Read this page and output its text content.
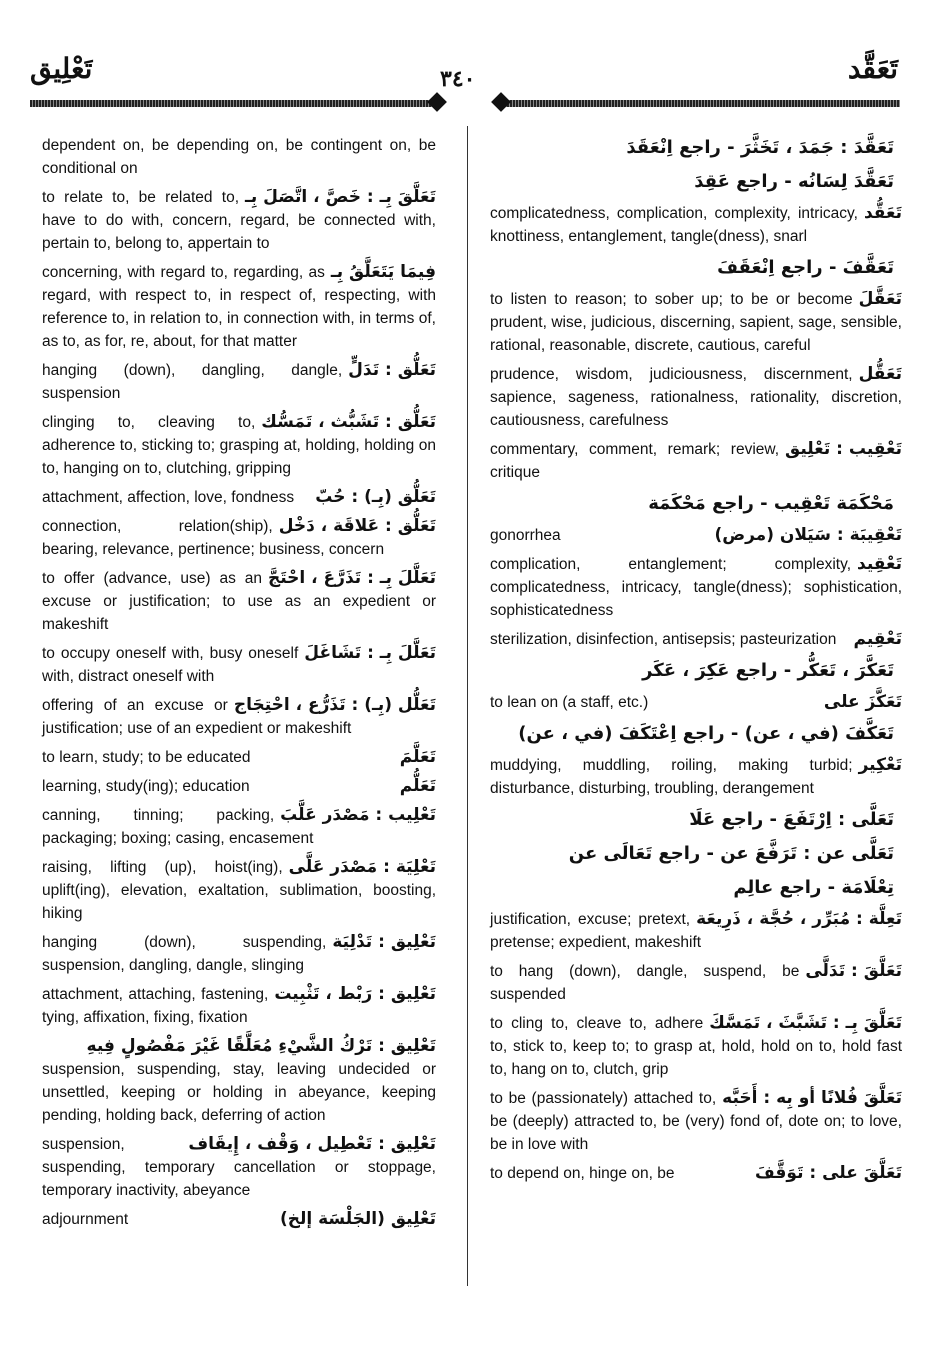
تَعْلِيق	٣٤٠	تَعَقَّد
dependent on, be depending on, be contingent on, be conditional on
تَعَلَّقَ بِـ : خَصَّ ، اتَّصَلَ بِـ
to relate to, be related to, have to do with, concern, regard, be connected with, pertain to, belong to, appertain to
فِيمَا يَتَعَلَّقُ بِـ
concerning, with regard to, regarding, as regard, with respect to, in respect of, respecting, with reference to, in relation to, in connection with, in terms of, as to, as for, re, about, for that matter
تَعَلُّق : تَدَلٍّ
hanging (down), dangling, dangle, suspension
تَعَلُّق : تَشَبُّث ، تَمَسُّك
clinging to, cleaving to, adherence to, sticking to; grasping at, holding, holding on to, hanging on to, clutching, gripping
تَعَلُّق (بِـ) : حُبّ
attachment, affection, love, fondness
تَعَلُّق : عَلاقَة ، دَخْل
connection, relation(ship), bearing, relevance, pertinence; business, concern
تَعَلَّلَ بِـ : تَذَرَّعَ ، احْتَجَّ
to offer (advance, use) as an excuse or justification; to use as an expedient or makeshift
تَعَلَّلَ بِـ : تَشَاغَلَ
to occupy oneself with, busy oneself with, distract oneself with
تَعَلُّل (بِـ) : تَذَرُّع ، احْتِجَاج
offering of an excuse or justification; use of an expedient or makeshift
تَعَلَّمَ
to learn, study; to be educated
تَعَلُّم
learning, study(ing); education
تَعْلِيب : مَصْدَر عَلَّبَ
canning, tinning; packing, packaging; boxing; casing, encasement
تَعْلِيَة : مَصْدَر عَلَّى
raising, lifting (up), hoist(ing), uplift(ing), elevation, exaltation, sublimation, boosting, hiking
تَعْلِيق : تَدْلِيَة
hanging (down), suspending, suspension, dangling, dangle, slinging
تَعْلِيق : رَبْط ، تَثْبِيت
attachment, attaching, fastening, tying, affixation, fixing, fixation
تَعْلِيق : تَرْكُ الشَّيْءِ مُعَلَّقًا غَيْرَ مَفْصُولٍ فِيهِ
suspension, suspending, stay, leaving undecided or unsettled, keeping or holding in abeyance, keeping pending, holding back, deferring of action
تَعْلِيق : تَعْطِيل ، وَقْف ، إِيقَاف
suspension, suspending, temporary cancellation or stoppage, temporary inactivity, abeyance
تَعْلِيق (الجَلْسَة إلخ)
adjournment
تَعَقَّدَ : جَمَدَ ، تَخَثَّرَ - راجع اِنْعَقَدَ
تَعَقَّدَ لِسَانُه - راجع عَقِدَ
تَعَقُّد
complicatedness, complication, complexity, intricacy, knottiness, entanglement, tangle(dness), snarl
تَعَقَّفَ - راجع اِنْعَقَفَ
تَعَقَّلَ
to listen to reason; to sober up; to be or become prudent, wise, judicious, discerning, sapient, sage, sensible, rational, reasonable, discrete, cautious, careful
تَعَقُّل
prudence, wisdom, judiciousness, discernment, sapience, sageness, rationalness, rationality, discretion, cautiousness, carefulness
تَعْقِيب : تَعْلِيق
commentary, comment, remark; review, critique
مَحْكَمَة تَعْقِيب - راجع مَحْكَمَة
تَعْقِيبَة : سَيَلان (مرض)
gonorrhea
تَعْقِيد
complication, entanglement; complexity, complicatedness, intricacy, tangle(dness); sophistication, sophisticatedness
تَعْقِيم
sterilization, disinfection, antisepsis; pasteurization
تَعَكَّرَ ، تَعَكُّر - راجع عَكِرَ ، عَكَر
تَعَكَّزَ على
to lean on (a staff, etc.)
تَعَكَّفَ (في ، عن) - راجع اِعْتَكَفَ (في ، عن)
تَعْكِير
muddying, muddling, roiling, making turbid; disturbance, disturbing, troubling, derangement
تَعَلَّى : اِرْتَفَعَ - راجع عَلَا
تَعَلَّى عن : تَرَفَّعَ عن - راجع تَعَالَى عن
تِعْلَامَة - راجع عالِم
تَعِلَّة : مُبَرِّر ، حُجَّة ، ذَرِيعَة
justification, excuse; pretext, pretense; expedient, makeshift
تَعَلَّقَ : تَدَلَّى
to hang (down), dangle, suspend, be suspended
تَعَلَّقَ بِـ : تَشَبَّثَ ، تَمَسَّكَ
to cling to, cleave to, adhere to, stick to, keep to; to grasp at, hold, hold on to, hold fast to, hang on to, clutch, grip
تَعَلَّقَ فُلانًا أو بِه : أَحَبَّه
to be (passionately) attached to, be (deeply) attracted to, be (very) fond of, dote on; to love, be in love with
تَعَلَّقَ على : تَوَقَّفَ
to depend on, hinge on, be
